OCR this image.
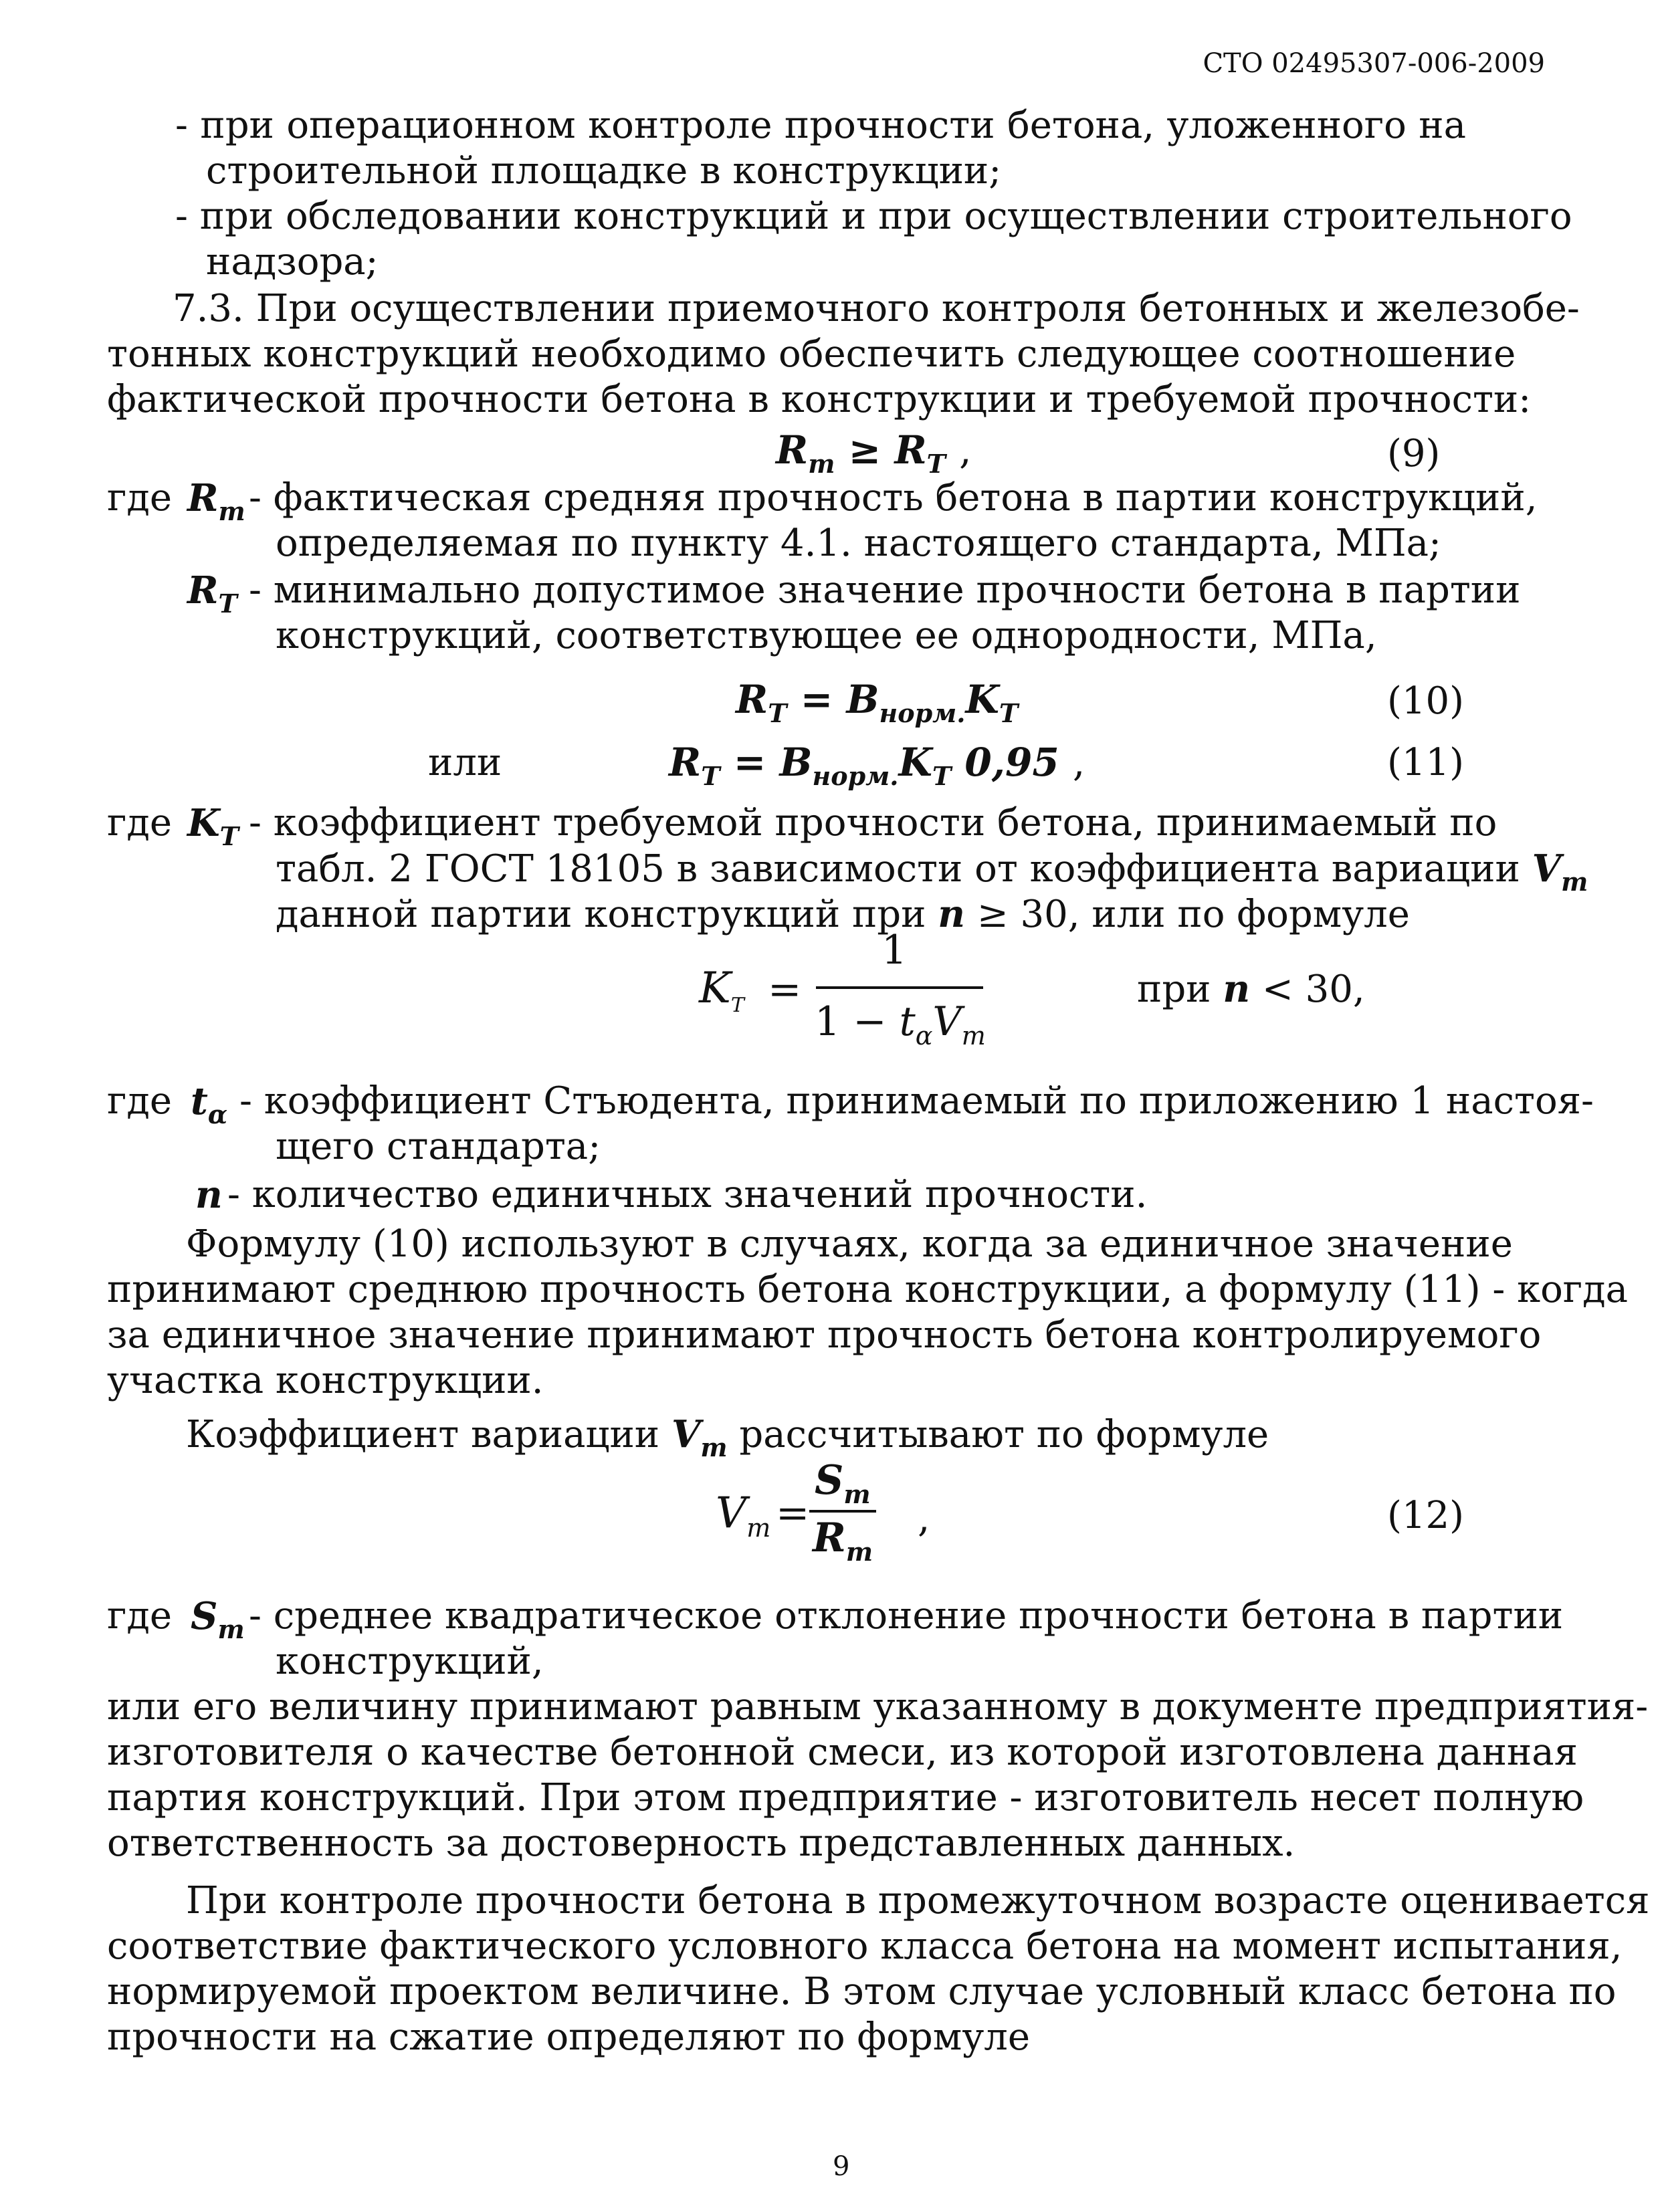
СТО 02495307-006-2009
- при операционном контроле прочности бетона, уложенного на
строительной площадке в конструкции;
- при обследовании конструкций и при осуществлении строительного
надзора;
7.3. При осуществлении приемочного контроля бетонных и железобе-
тонных конструкций необходимо обеспечить следующее соотношение
фактической прочности бетона в конструкции и требуемой прочности:
$R_m \ge R_T$ ,	(9)
где $R_m$ - фактическая средняя прочность бетона в партии конструкций,
определяемая по пункту 4.1. настоящего стандарта, МПа;
$R_T$ - минимально допустимое значение прочности бетона в партии
конструкций, соответствующее ее однородности, МПа,
$R_T = B_{норм.}K_T$	(10)
или	$R_T = B_{норм.}K_T$ 0,95 ,	(11)
где $K_T$ - коэффициент требуемой прочности бетона, принимаемый по
табл. 2 ГОСТ 18105 в зависимости от коэффициента вариации $V_m$
данной партии конструкций при n ≥ 30, или по формуле
$K_T$ =
1
$1 - t_\alpha V_m$
при n < 30,
где $t_\alpha$ - коэффициент Стъюдента, принимаемый по приложению 1 настоя-
щего стандарта;
n - количество единичных значений прочности.
Формулу (10) используют в случаях, когда за единичное значение
принимают среднюю прочность бетона конструкции, а формулу (11) - когда
за единичное значение принимают прочность бетона контролируемого
участка конструкции.
Коэффициент вариации $V_m$ рассчитывают по формуле
$V_m$ =
$S_m$
$R_m$
,	(12)
где $S_m$ - среднее квадратическое отклонение прочности бетона в партии
конструкций,
или его величину принимают равным указанному в документе предприятия-
изготовителя о качестве бетонной смеси, из которой изготовлена данная
партия конструкций. При этом предприятие - изготовитель несет полную
ответственность за достоверность представленных данных.
При контроле прочности бетона в промежуточном возрасте оценивается
соответствие фактического условного класса бетона на момент испытания,
нормируемой проектом величине. В этом случае условный класс бетона по
прочности на сжатие определяют по формуле
9
